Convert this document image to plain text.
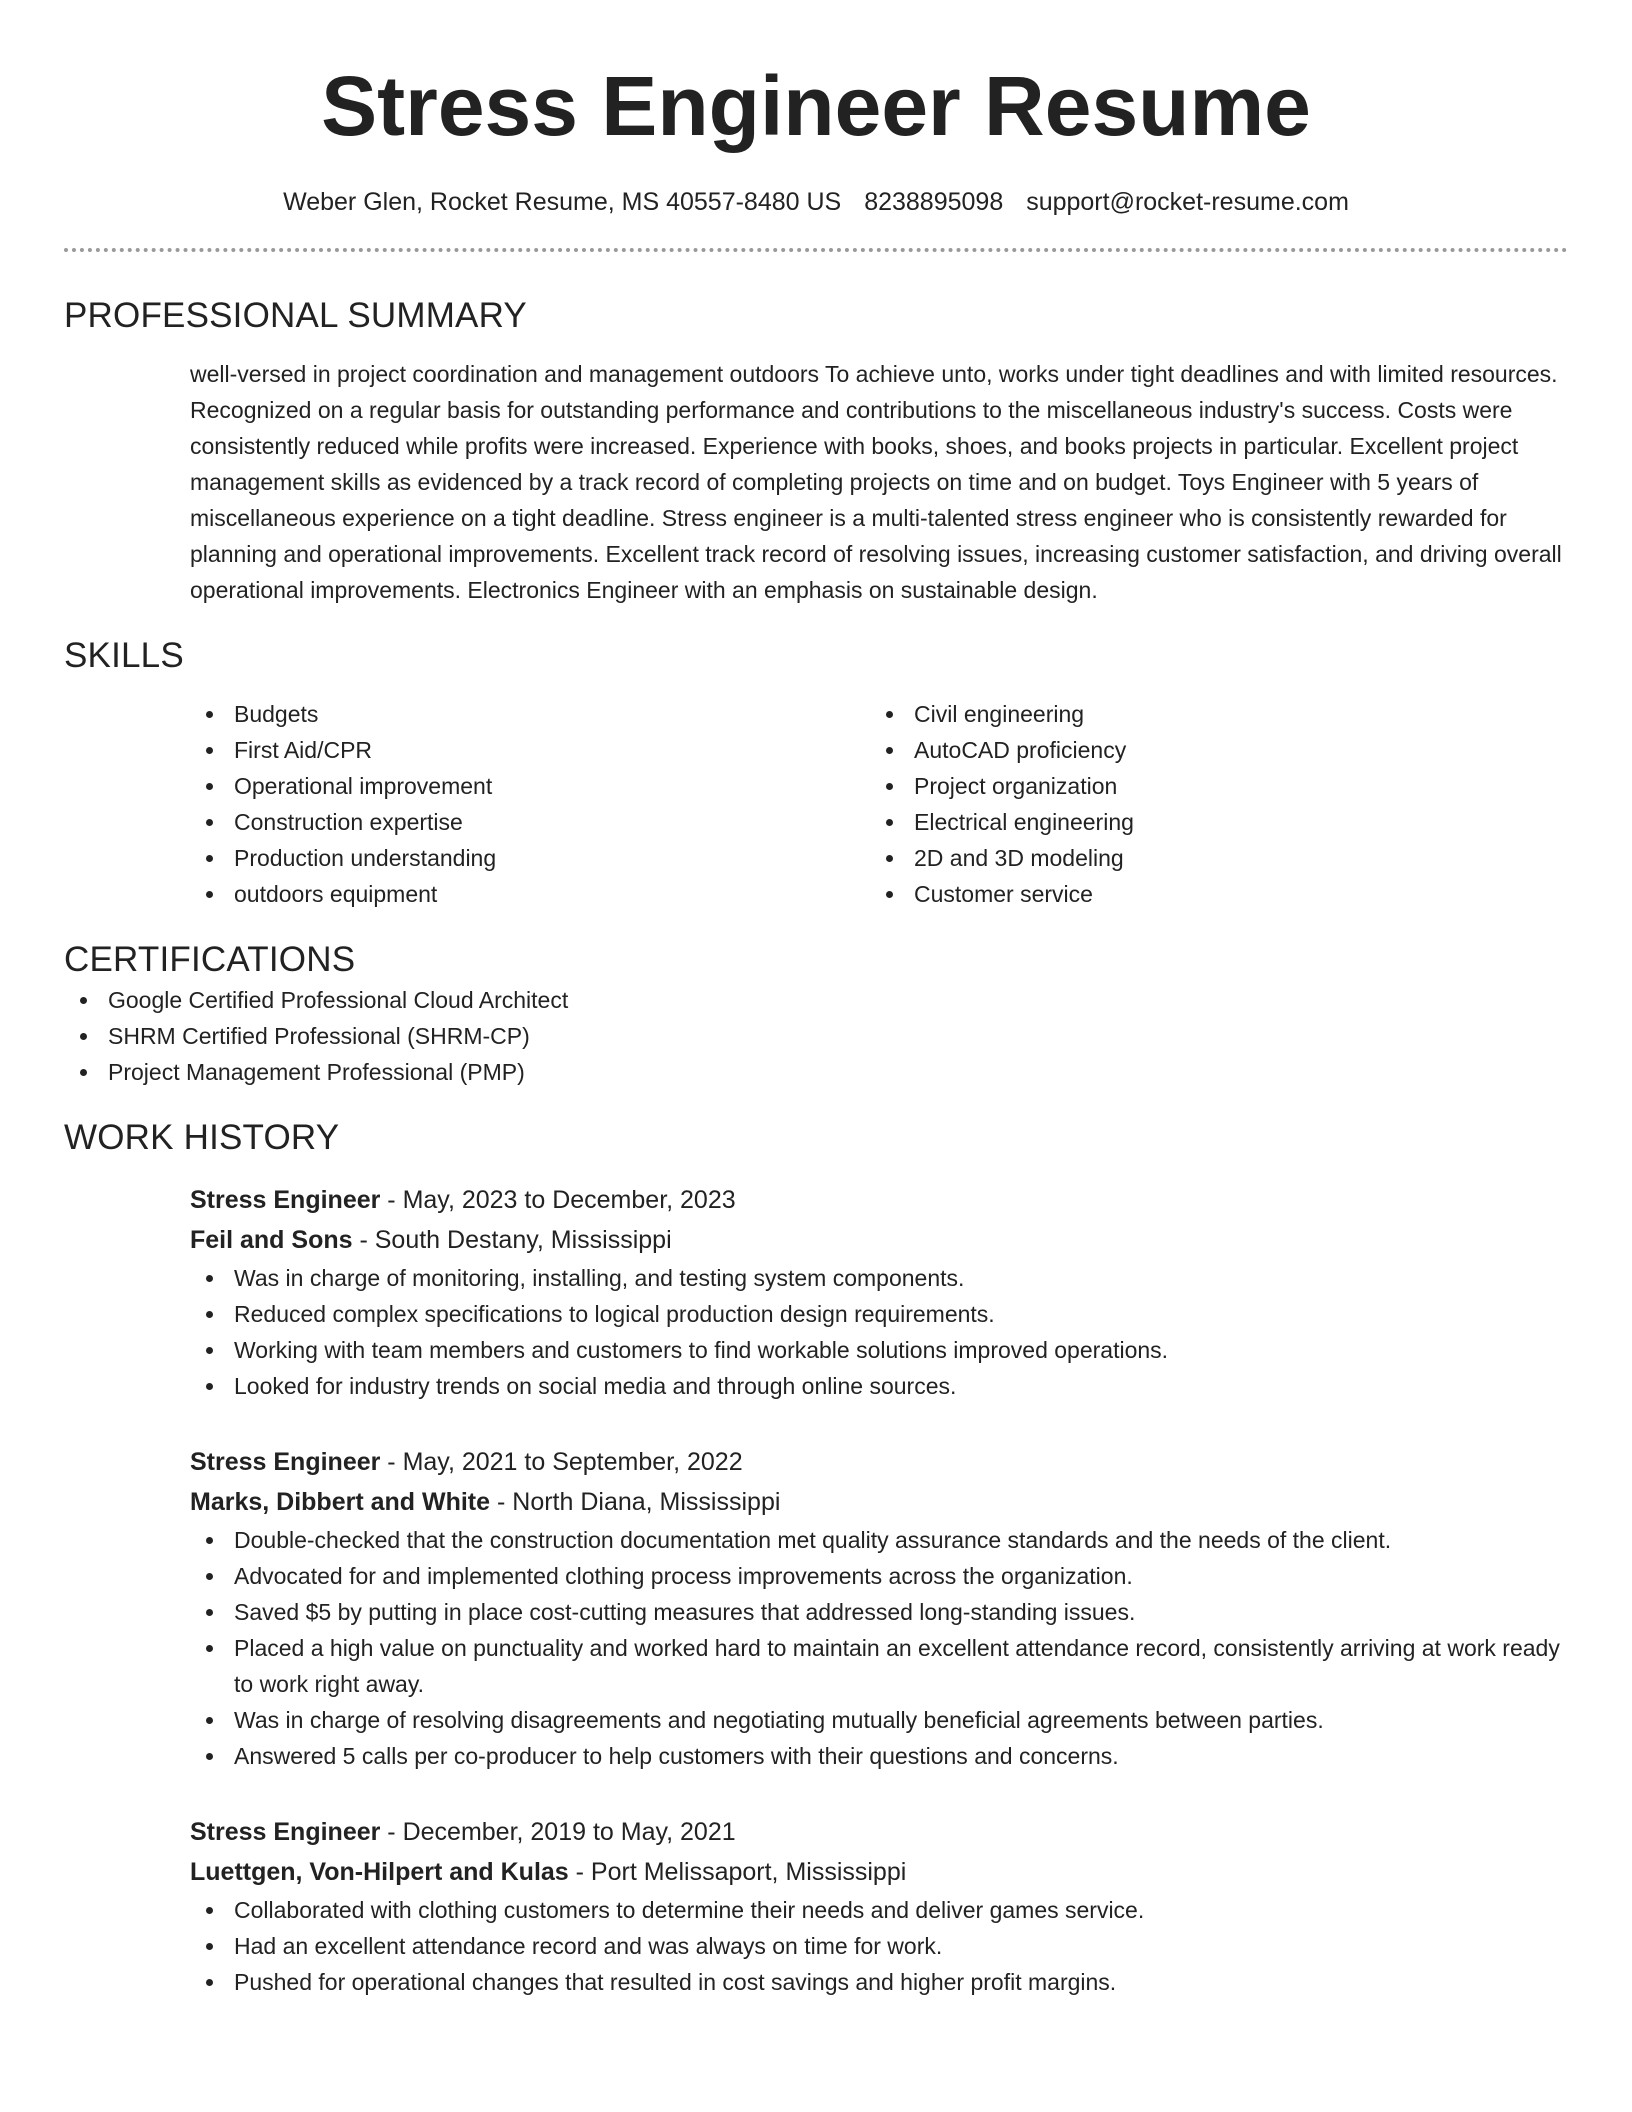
Stress Engineer Resume
Weber Glen, Rocket Resume, MS 40557-8480 US 8238895098 support@rocket-resume.com
PROFESSIONAL SUMMARY
well-versed in project coordination and management outdoors To achieve unto, works under tight deadlines and with limited resources. Recognized on a regular basis for outstanding performance and contributions to the miscellaneous industry's success. Costs were consistently reduced while profits were increased. Experience with books, shoes, and books projects in particular. Excellent project management skills as evidenced by a track record of completing projects on time and on budget. Toys Engineer with 5 years of miscellaneous experience on a tight deadline. Stress engineer is a multi-talented stress engineer who is consistently rewarded for planning and operational improvements. Excellent track record of resolving issues, increasing customer satisfaction, and driving overall operational improvements. Electronics Engineer with an emphasis on sustainable design.
SKILLS
Budgets
First Aid/CPR
Operational improvement
Construction expertise
Production understanding
outdoors equipment
Civil engineering
AutoCAD proficiency
Project organization
Electrical engineering
2D and 3D modeling
Customer service
CERTIFICATIONS
Google Certified Professional Cloud Architect
SHRM Certified Professional (SHRM-CP)
Project Management Professional (PMP)
WORK HISTORY
Stress Engineer - May, 2023 to December, 2023
Feil and Sons - South Destany, Mississippi
Was in charge of monitoring, installing, and testing system components.
Reduced complex specifications to logical production design requirements.
Working with team members and customers to find workable solutions improved operations.
Looked for industry trends on social media and through online sources.
Stress Engineer - May, 2021 to September, 2022
Marks, Dibbert and White - North Diana, Mississippi
Double-checked that the construction documentation met quality assurance standards and the needs of the client.
Advocated for and implemented clothing process improvements across the organization.
Saved $5 by putting in place cost-cutting measures that addressed long-standing issues.
Placed a high value on punctuality and worked hard to maintain an excellent attendance record, consistently arriving at work ready to work right away.
Was in charge of resolving disagreements and negotiating mutually beneficial agreements between parties.
Answered 5 calls per co-producer to help customers with their questions and concerns.
Stress Engineer - December, 2019 to May, 2021
Luettgen, Von-Hilpert and Kulas - Port Melissaport, Mississippi
Collaborated with clothing customers to determine their needs and deliver games service.
Had an excellent attendance record and was always on time for work.
Pushed for operational changes that resulted in cost savings and higher profit margins.
